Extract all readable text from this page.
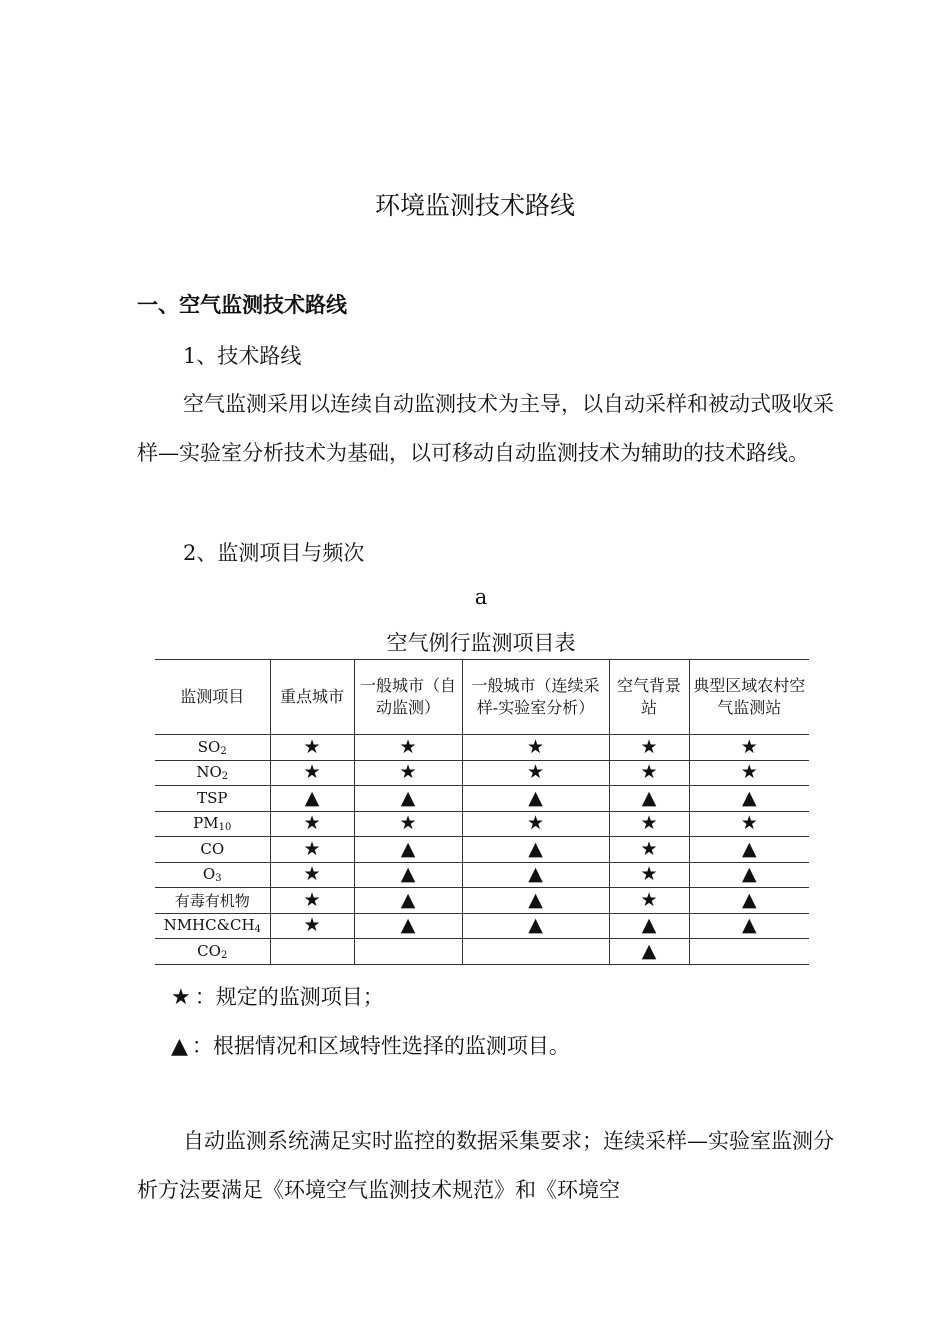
环境监测技术路线
一、空气监测技术路线
1、技术路线
空气监测采用以连续自动监测技术为主导，以自动采样和被动式吸收采样—实验室分析技术为基础，以可移动自动监测技术为辅助的技术路线。
2、监测项目与频次
a
空气例行监测项目表
监测项目	重点城市	一般城市（自动监测）	一般城市（连续采样-实验室分析）	空气背景站	典型区域农村空气监测站
$SO_2$	★	★	★	★	★
$NO_2$	★	★	★	★	★
TSP	▲	▲	▲	▲	▲
$PM_{10}$	★	★	★	★	★
CO	★	▲	▲	★	▲
$O_3$	★	▲	▲	★	▲
有毒有机物	★	▲	▲	★	▲
$NMHC\&CH_4$	★	▲	▲	▲	▲
$CO_2$				▲	
★ ：规定的监测项目；
▲ ：根据情况和区域特性选择的监测项目。
自动监测系统满足实时监控的数据采集要求；连续采样—实验室监测分析方法要满足《环境空气监测技术规范》和《环境空
